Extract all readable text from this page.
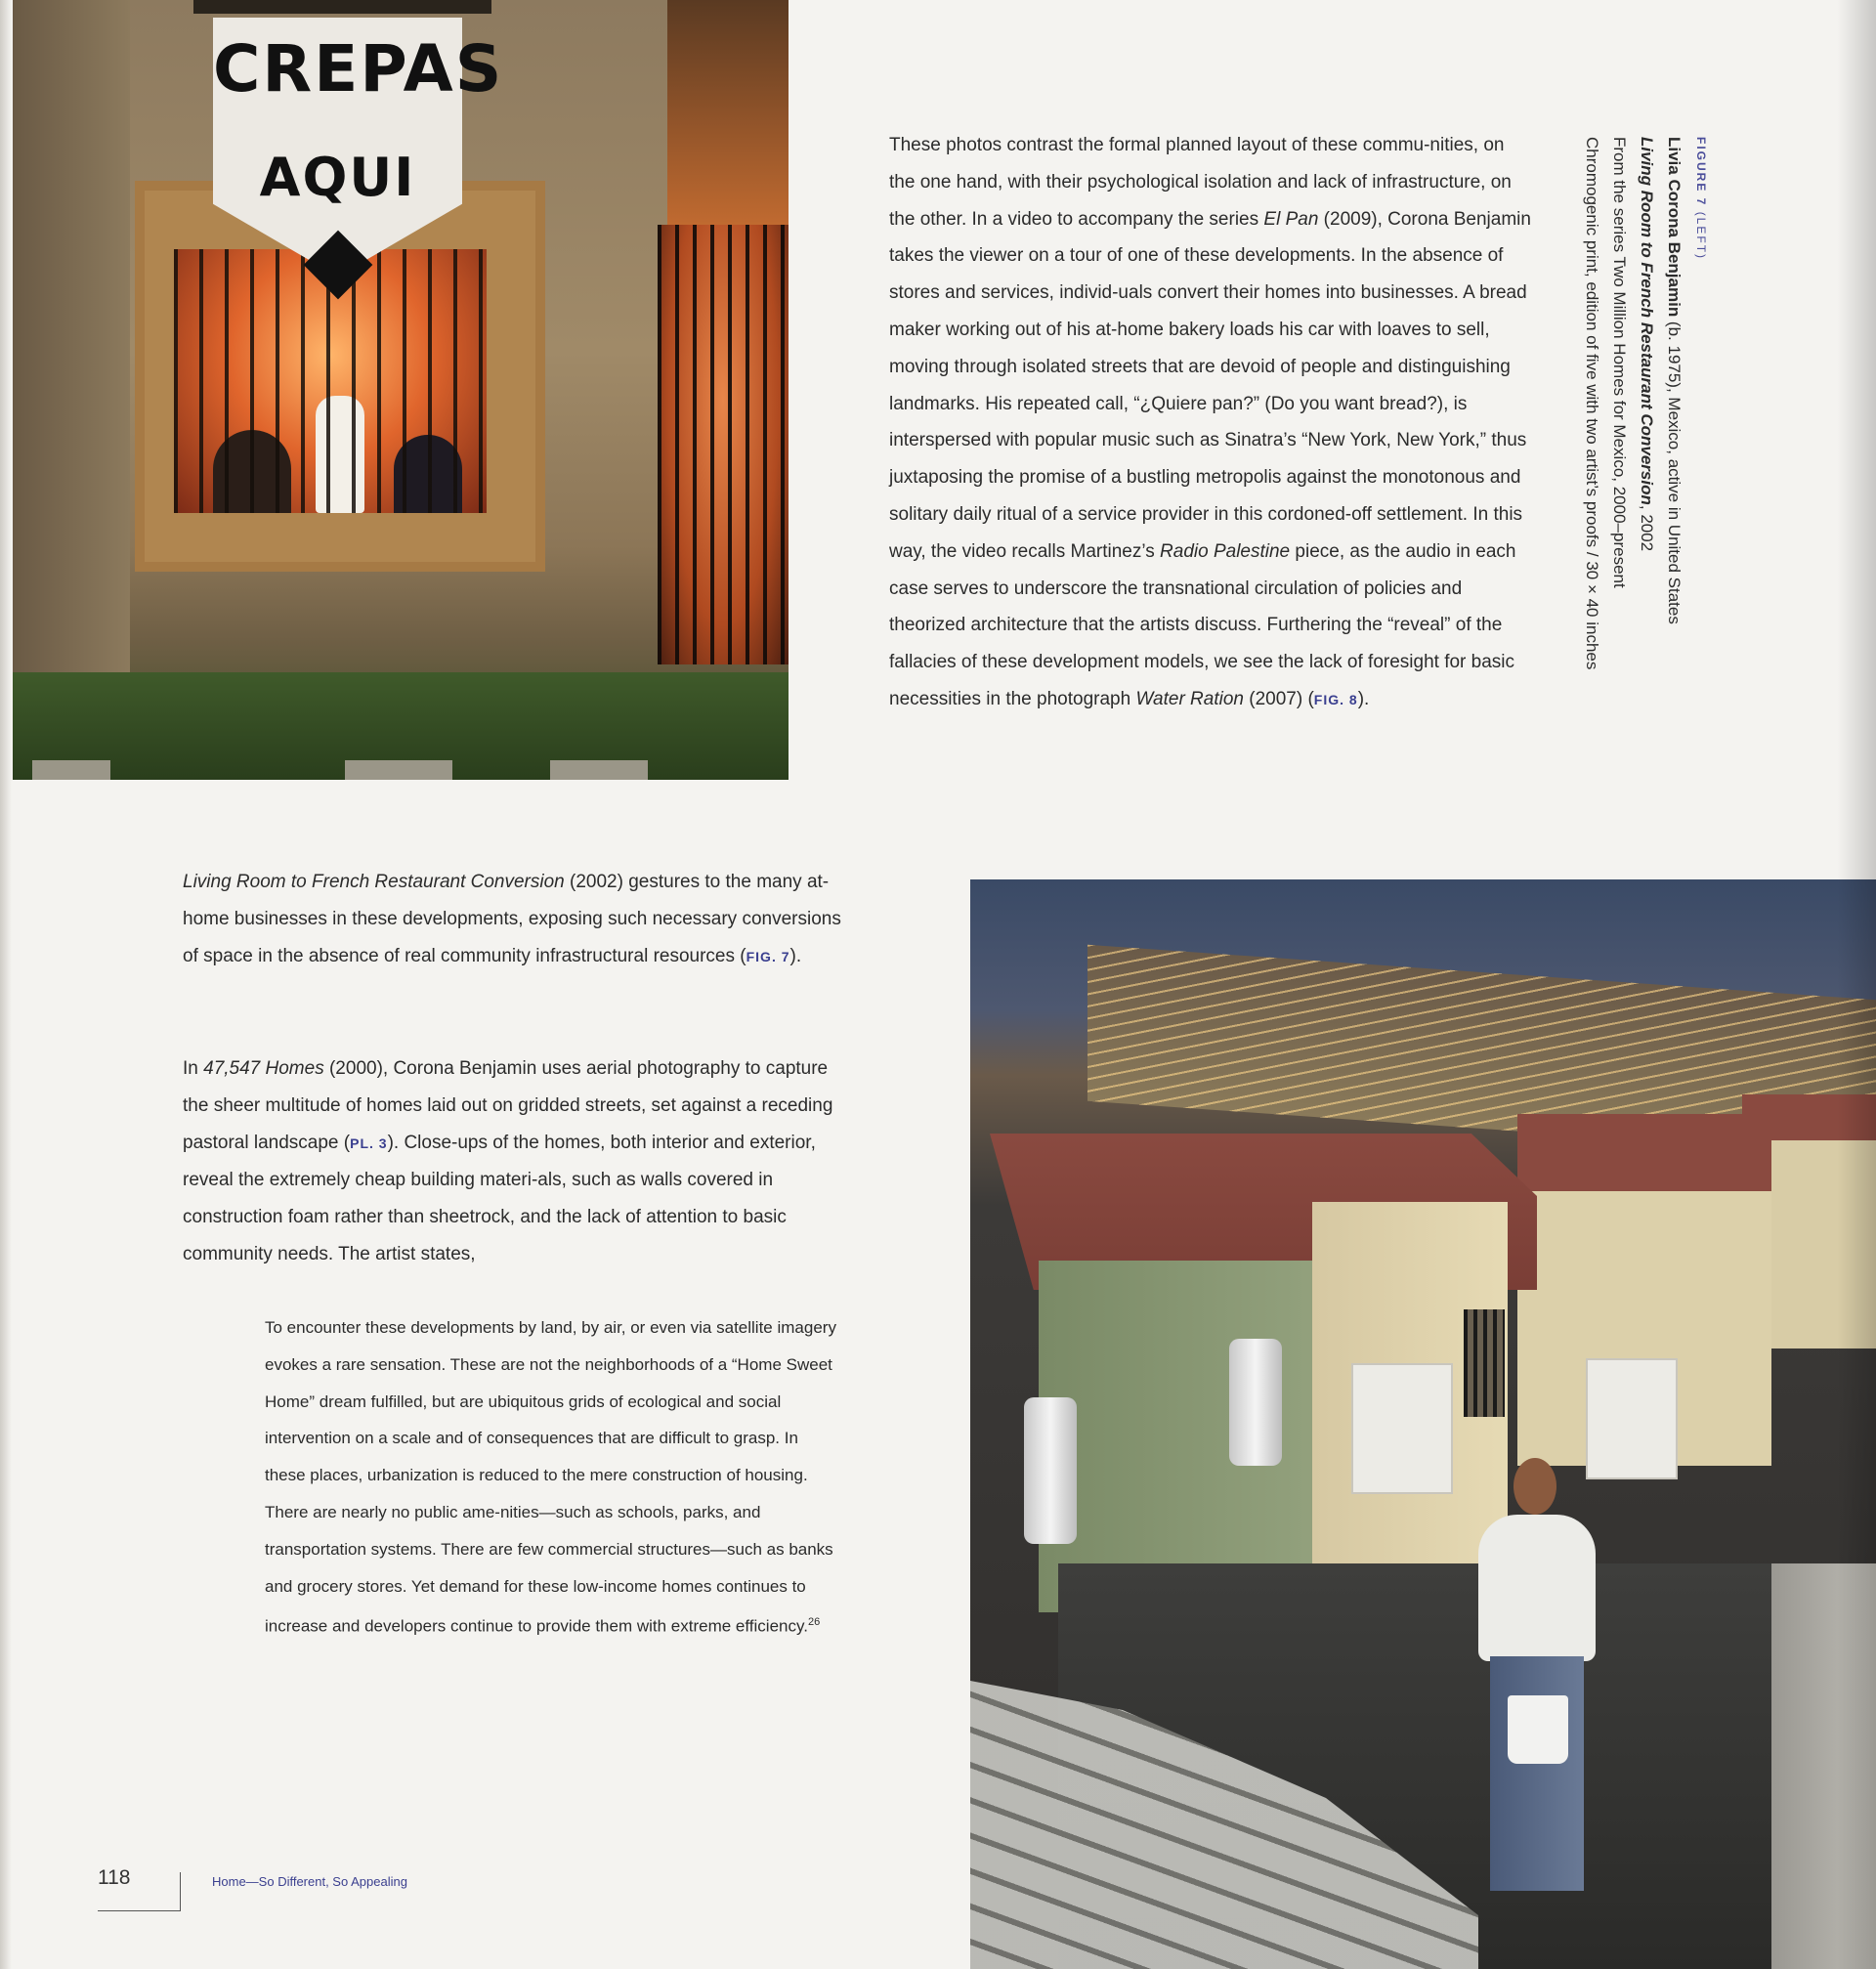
CREPAS
AQUI

These photos contrast the formal planned layout of these commu-nities, on the one hand, with their psychological isolation and lack of infrastructure, on the other. In a video to accompany the series El Pan (2009), Corona Benjamin takes the viewer on a tour of one of these developments. In the absence of stores and services, individ-uals convert their homes into businesses. A bread maker working out of his at-home bakery loads his car with loaves to sell, moving through isolated streets that are devoid of people and distinguishing landmarks. His repeated call, “¿Quiere pan?” (Do you want bread?), is interspersed with popular music such as Sinatra’s “New York, New York,” thus juxtaposing the promise of a bustling metropolis against the monotonous and solitary daily ritual of a service provider in this cordoned-off settlement. In this way, the video recalls Martinez’s Radio Palestine piece, as the audio in each case serves to underscore the transnational circulation of policies and theorized architecture that the artists discuss. Furthering the “reveal” of the fallacies of these development models, we see the lack of foresight for basic necessities in the photograph Water Ration (2007) (FIG. 8).

FIGURE 7 (LEFT)
Livia Corona Benjamin (b. 1975), Mexico, active in United States
Living Room to French Restaurant Conversion, 2002
From the series Two Million Homes for Mexico, 2000–present
Chromogenic print, edition of five with two artist’s proofs / 30 × 40 inches

Living Room to French Restaurant Conversion (2002) gestures to the many at-home businesses in these developments, exposing such necessary conversions of space in the absence of real community infrastructural resources (FIG. 7).

In 47,547 Homes (2000), Corona Benjamin uses aerial photography to capture the sheer multitude of homes laid out on gridded streets, set against a receding pastoral landscape (PL. 3). Close-ups of the homes, both interior and exterior, reveal the extremely cheap building materi-als, such as walls covered in construction foam rather than sheetrock, and the lack of attention to basic community needs. The artist states,

To encounter these developments by land, by air, or even via satellite imagery evokes a rare sensation. These are not the neighborhoods of a “Home Sweet Home” dream fulfilled, but are ubiquitous grids of ecological and social intervention on a scale and of consequences that are difficult to grasp. In these places, urbanization is reduced to the mere construction of housing. There are nearly no public ame-nities—such as schools, parks, and transportation systems. There are few commercial structures—such as banks and grocery stores. Yet demand for these low-income homes continues to increase and developers continue to provide them with extreme efficiency.$^{26}$
118	Home—So Different, So Appealing
